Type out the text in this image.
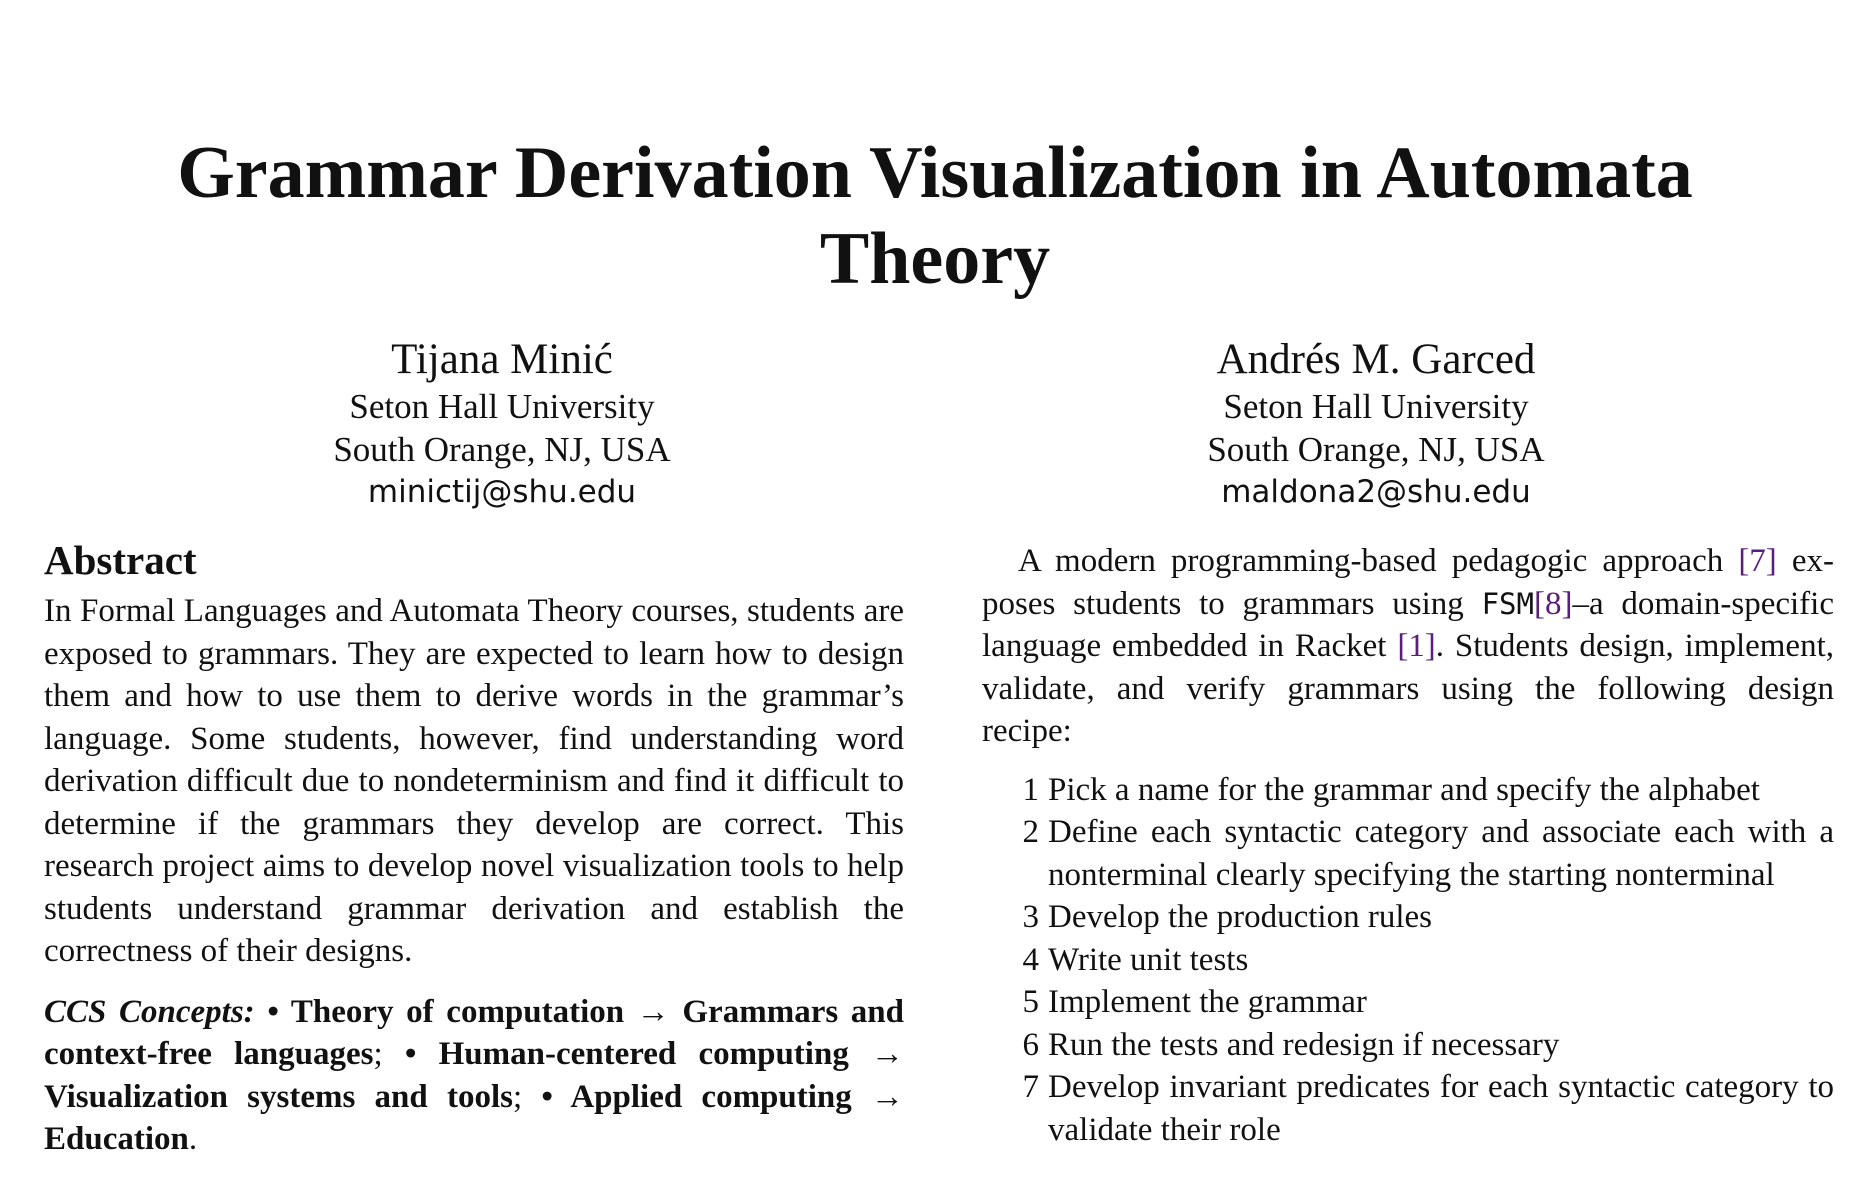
Grammar Derivation Visualization in Automata
Theory
Tijana Minić
Seton Hall University
South Orange, NJ, USA
minictij@shu.edu
Andrés M. Garced
Seton Hall University
South Orange, NJ, USA
maldona2@shu.edu
Abstract

In Formal Languages and Automata Theory courses, students are exposed to grammars. They are expected to learn how to design them and how to use them to derive words in the grammar’s language. Some students, however, find understanding word derivation difficult due to nondeterminism and find it difficult to determine if the grammars they develop are correct. This research project aims to develop novel visualization tools to help students understand grammar derivation and establish the correctness of their designs.

CCS Concepts: • Theory of computation → Grammars and context-free languages; • Human-centered computing → Visualization systems and tools; • Applied computing → Education.

A modern programming-based pedagogic approach [7] exposes students to grammars using FSM[8]–a domain-specific language embedded in Racket [1]. Students design, implement, validate, and verify grammars using the following design recipe:

1 Pick a name for the grammar and specify the alphabet
2 Define each syntactic category and associate each with a nonterminal clearly specifying the starting nonterminal
3 Develop the production rules
4 Write unit tests
5 Implement the grammar
6 Run the tests and redesign if necessary
7 Develop invariant predicates for each syntactic category to validate their role
